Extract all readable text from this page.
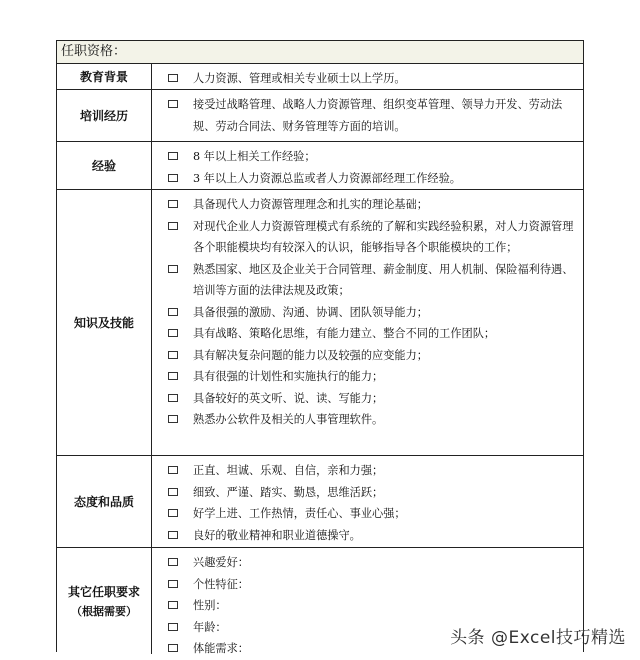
任职资格：
教育背景	人力资源、管理或相关专业硕士以上学历。
培训经历
接受过战略管理、战略人力资源管理、组织变革管理、领导力开发、劳动法规、劳动合同法、财务管理等方面的培训。
经验
8 年以上相关工作经验；
3 年以上人力资源总监或者人力资源部经理工作经验。
知识及技能
具备现代人力资源管理理念和扎实的理论基础；
对现代企业人力资源管理模式有系统的了解和实践经验积累，对人力资源管理各个职能模块均有较深入的认识，能够指导各个职能模块的工作；
熟悉国家、地区及企业关于合同管理、薪金制度、用人机制、保险福利待遇、培训等方面的法律法规及政策；
具备很强的激励、沟通、协调、团队领导能力；
具有战略、策略化思维，有能力建立、整合不同的工作团队；
具有解决复杂问题的能力以及较强的应变能力；
具有很强的计划性和实施执行的能力；
具备较好的英文听、说、读、写能力；
熟悉办公软件及相关的人事管理软件。
态度和品质
正直、坦诚、乐观、自信，亲和力强；
细致、严谨、踏实、勤恳，思维活跃；
好学上进、工作热情，责任心、事业心强；
良好的敬业精神和职业道德操守。
其它任职要求
（根据需要）
兴趣爱好：
个性特征：
性别：
年龄：
体能需求：
头条 @Excel技巧精选
